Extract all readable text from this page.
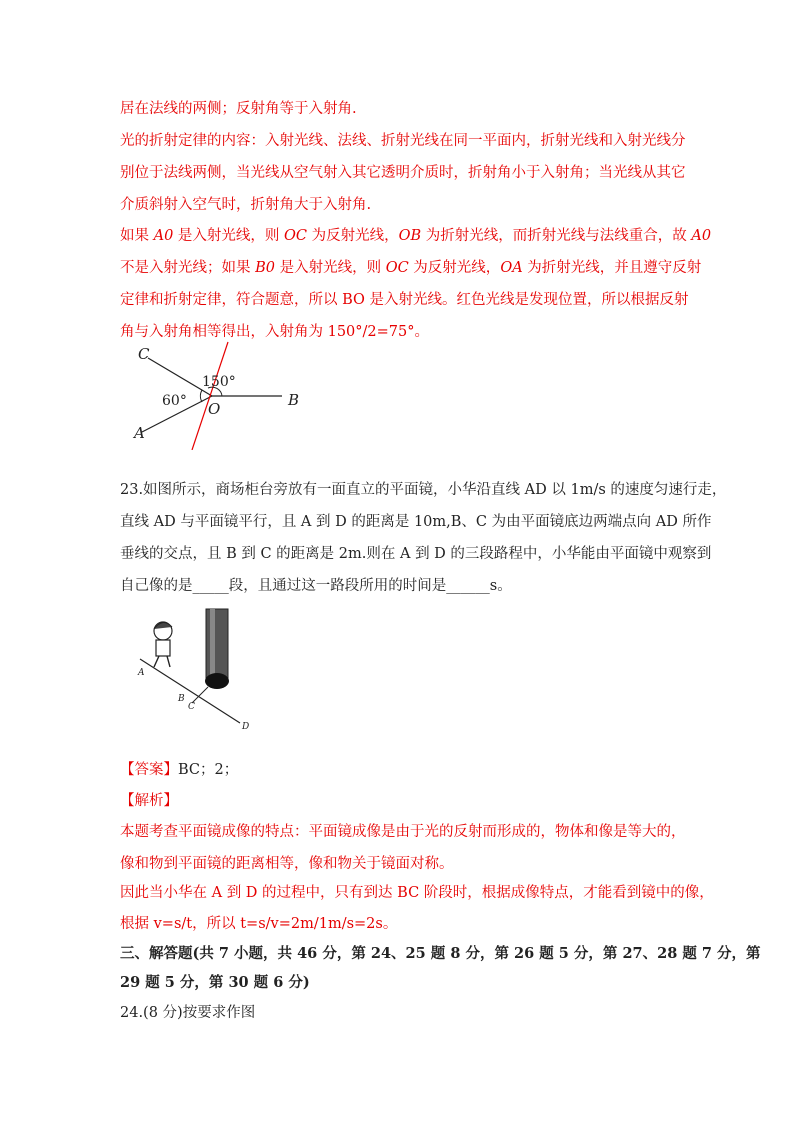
居在法线的两侧；反射角等于入射角.
光的折射定律的内容：入射光线、法线、折射光线在同一平面内，折射光线和入射光线分
别位于法线两侧，当光线从空气射入其它透明介质时，折射角小于入射角；当光线从其它
介质斜射入空气时，折射角大于入射角.
如果 A0 是入射光线，则 OC 为反射光线，OB 为折射光线，而折射光线与法线重合，故 A0
不是入射光线；如果 B0 是入射光线，则 OC 为反射光线，OA 为折射光线，并且遵守反射
定律和折射定律，符合题意，所以 BO 是入射光线。红色光线是发现位置，所以根据反射
角与入射角相等得出，入射角为 150°/2=75°。
C
A
O	B
150°
60°
23.如图所示，商场柜台旁放有一面直立的平面镜，小华沿直线 AD 以 1m/s 的速度匀速行走，
直线 AD 与平面镜平行，且 A 到 D 的距离是 10m,B、C 为由平面镜底边两端点向 AD 所作
垂线的交点，且 B 到 C 的距离是 2m.则在 A 到 D 的三段路程中，小华能由平面镜中观察到
自己像的是_____段，且通过这一路段所用的时间是______s。
A
B
C
D
【答案】BC；2；
【解析】
本题考查平面镜成像的特点：平面镜成像是由于光的反射而形成的，物体和像是等大的，
像和物到平面镜的距离相等，像和物关于镜面对称。
因此当小华在 A 到 D 的过程中，只有到达 BC 阶段时，根据成像特点，才能看到镜中的像，
根据 v=s/t，所以 t=s/v=2m/1m/s=2s。
三、解答题(共 7 小题，共 46 分，第 24、25 题 8 分，第 26 题 5 分，第 27、28 题 7 分，第
29 题 5 分，第 30 题 6 分)
24.(8 分)按要求作图
